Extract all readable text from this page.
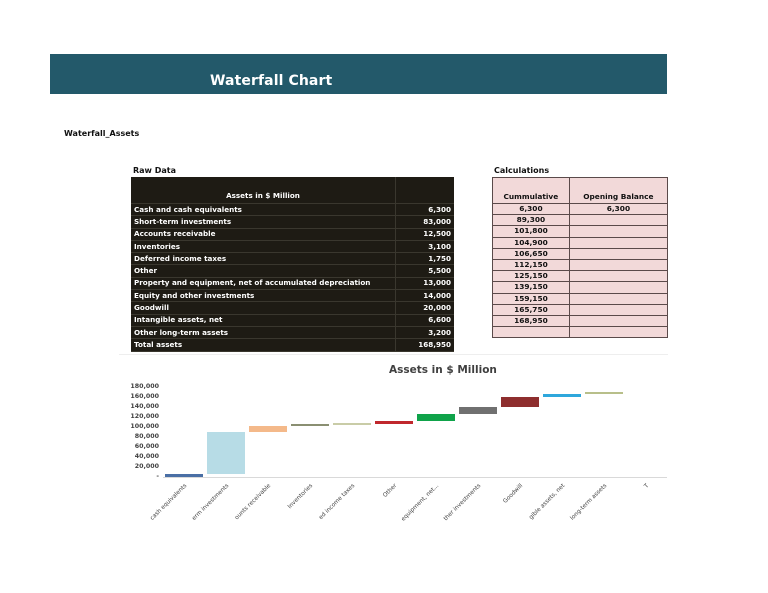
Waterfall Chart
Waterfall_Assets
Raw Data	Calculations
Assets in $ Million	
Cash and cash equivalents	6,300
Short-term investments	83,000
Accounts receivable	12,500
Inventories	3,100
Deferred income taxes	1,750
Other	5,500
Property and equipment, net of accumulated depreciation	13,000
Equity and other investments	14,000
Goodwill	20,000
Intangible assets, net	6,600
Other long-term assets	3,200
Total assets	168,950
Cummulative	Opening Balance
6,300	6,300
89,300	
101,800	
104,900	
106,650	
112,150	
125,150	
139,150	
159,150	
165,750	
168,950	

Assets in $ Million
180,000
160,000
140,000
120,000
100,000
80,000
60,000
40,000
20,000
-
cash equivalents erm investments ounts receivable	Inventories ed income taxes	Other equipment, net... ther investments	Goodwill gible assets, net long-term assets	T
